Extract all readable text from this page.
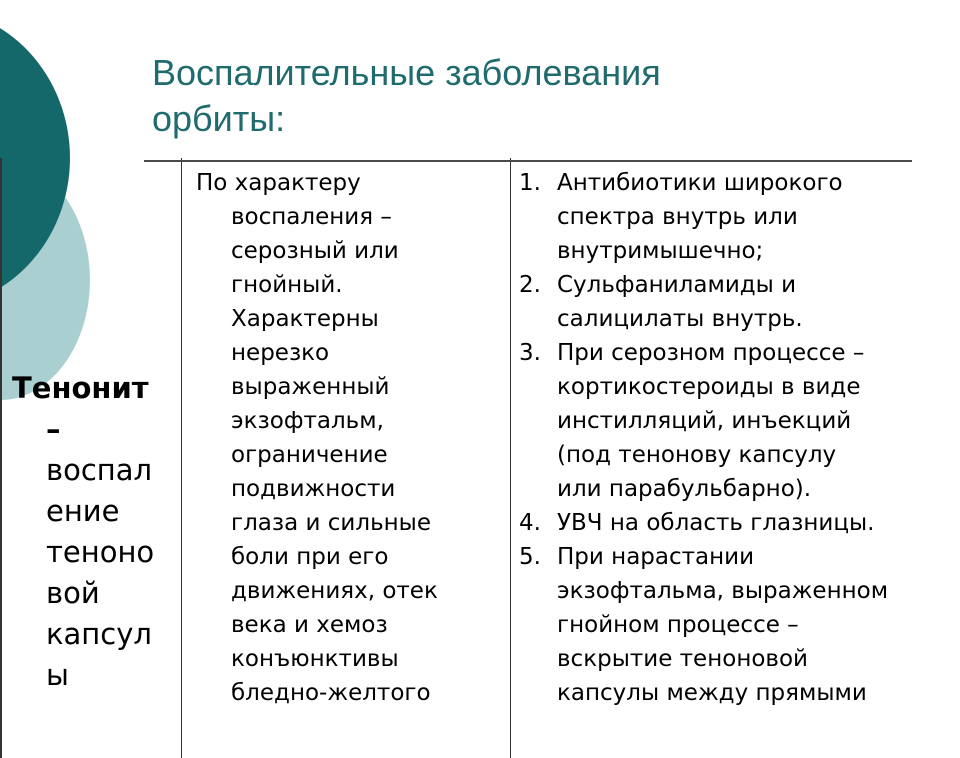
Воспалительные заболевания
орбиты:
Тенонит
–
воспал
ение
теноно
вой
капсул
ы
По характеру
воспаления –
серозный или
гнойный.
Характерны
нерезко
выраженный
экзофтальм,
ограничение
подвижности
глаза и сильные
боли при его
движениях, отек
века и хемоз
конъюнктивы
бледно-желтого
1. Антибиотики широкого
спектра внутрь или
внутримышечно;
2. Сульфаниламиды и
салицилаты внутрь.
3. При серозном процессе –
кортикостероиды в виде
инстилляций, инъекций
(под тенонову капсулу
или парабульбарно).
4. УВЧ на область глазницы.
5. При нарастании
экзофтальма, выраженном
гнойном процессе –
вскрытие теноновой
капсулы между прямыми
